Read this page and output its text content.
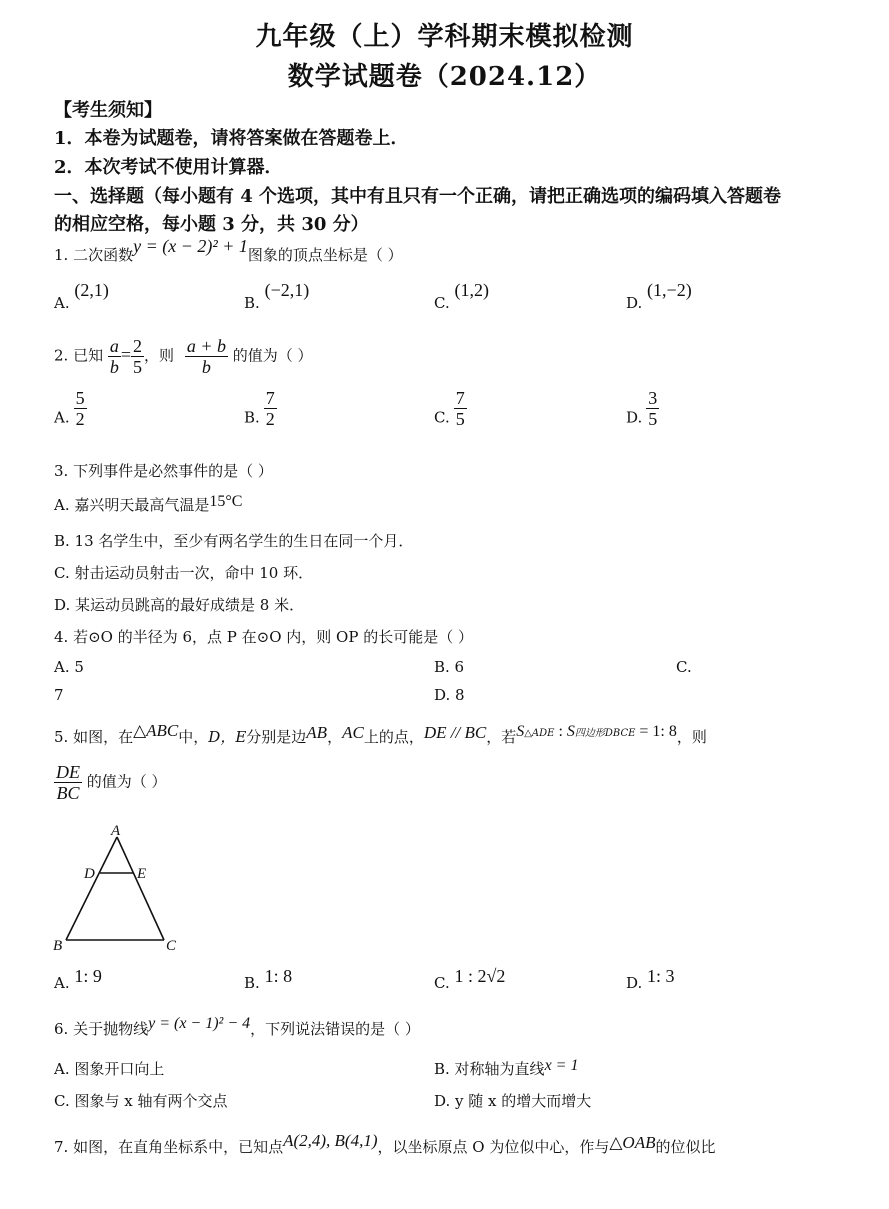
九年级（上）学科期末模拟检测
数学试题卷（2024.12）
【考生须知】
1．本卷为试题卷，请将答案做在答题卷上．
2．本次考试不使用计算器．
一、选择题（每小题有 4 个选项，其中有且只有一个正确，请把正确选项的编码填入答题卷
的相应空格，每小题 3 分，共 30 分）
1. 二次函数y = (x − 2)² + 1图象的顶点坐标是（ ）
A. (2,1)
B. (−2,1)
C. (1,2)
D. (1,−2)
2. 已知 $\frac{a}{b} = \frac{2}{5}$ ，则 $\frac{a + b}{b}$ 的值为（ ）
A. $\frac{5}{2}$	B. $\frac{7}{2}$	C. $\frac{7}{5}$	D. $\frac{3}{5}$
3. 下列事件是必然事件的是（ ）
A. 嘉兴明天最高气温是15°C
B. 13 名学生中，至少有两名学生的生日在同一个月．
C. 射击运动员射击一次，命中 10 环．
D. 某运动员跳高的最好成绩是 8 米．
4. 若⊙O 的半径为 6，点 P 在⊙O 内，则 OP 的长可能是（ ）
A. 5	B. 6	C.
7	D. 8
5. 如图，在△ABC中，D，E分别是边AB，AC上的点，DE // BC，若S△ADE : S四边形DBCE = 1: 8，则
$\frac{DE}{BC}$ 的值为（ ）
A
D	E
B	C
A. 1: 9	B. 1: 8	C. 1 : 2√2	D. 1: 3
6. 关于抛物线y = (x − 1)² − 4，下列说法错误的是（ ）
A. 图象开口向上	B. 对称轴为直线x = 1
C. 图象与 x 轴有两个交点	D. y 随 x 的增大而增大
7. 如图，在直角坐标系中，已知点A(2,4), B(4,1)，以坐标原点 O 为位似中心，作与△OAB的位似比
